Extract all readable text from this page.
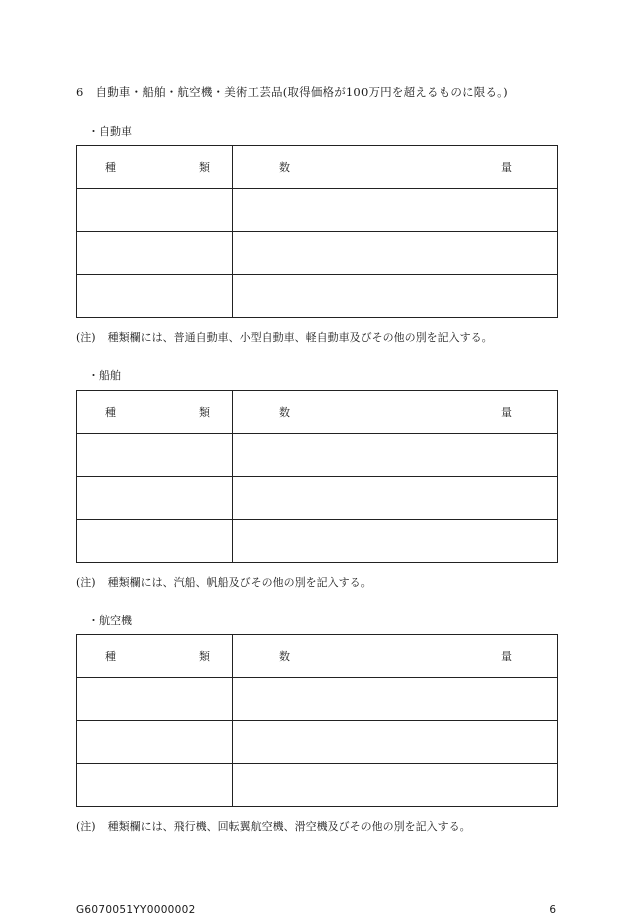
6 自動車・船舶・航空機・美術工芸品(取得価格が100万円を超えるものに限る。)
・自動車
種 類	数 量

(注) 種類欄には、普通自動車、小型自動車、軽自動車及びその他の別を記入する。
・船舶
種 類	数 量

(注) 種類欄には、汽船、帆船及びその他の別を記入する。
・航空機
種 類	数 量

(注) 種類欄には、飛行機、回転翼航空機、滑空機及びその他の別を記入する。
G6070051YY0000002	6
